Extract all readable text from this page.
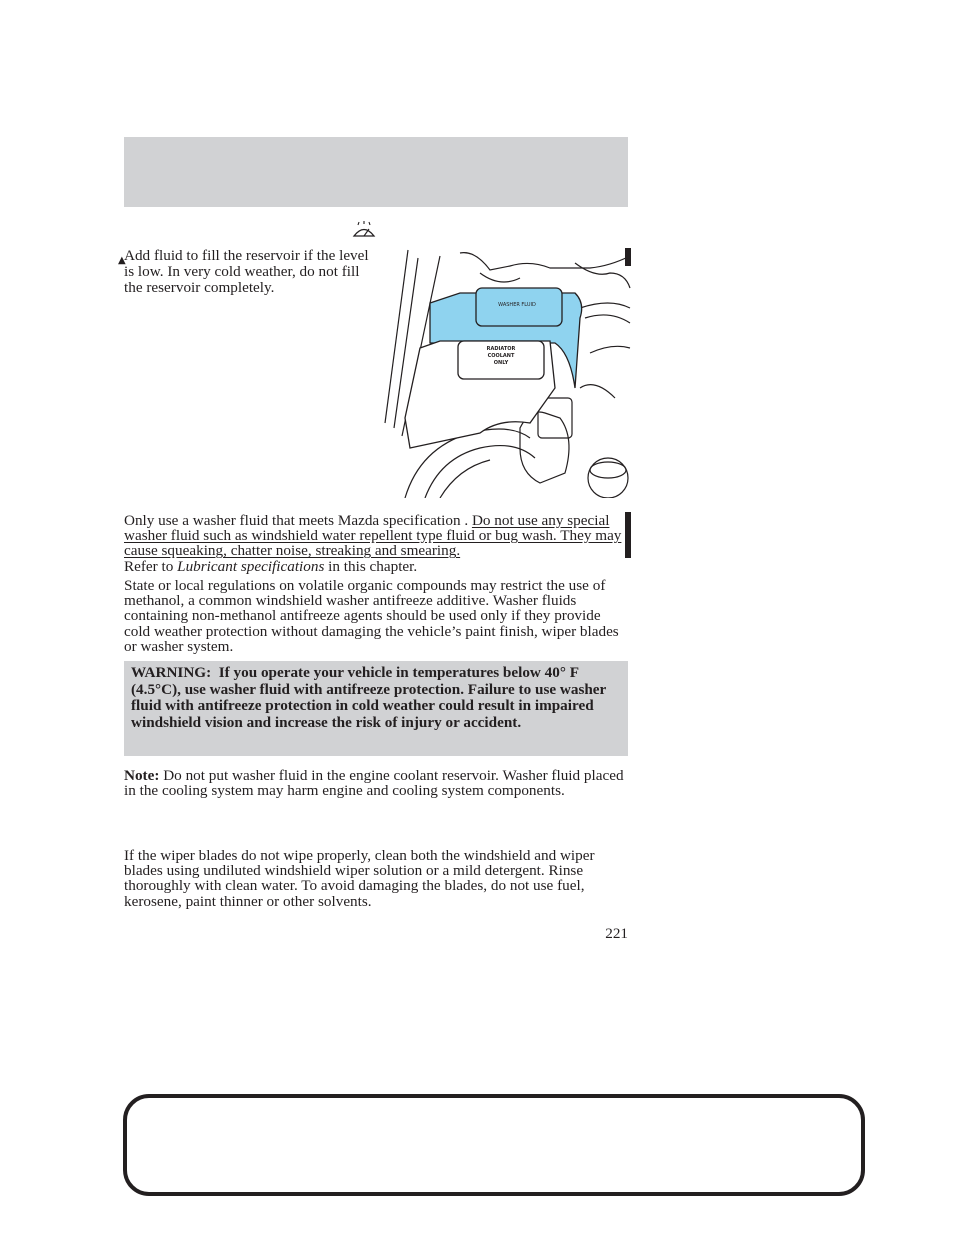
▲

Add fluid to fill the reservoir if the level is low. In very cold weather, do not fill the reservoir completely.

WASHER FLUID
RADIATOR
COOLANT
ONLY

Only use a washer fluid that meets Mazda specification . Do not use any special washer fluid such as windshield water repellent type fluid or bug wash. They may cause squeaking, chatter noise, streaking and smearing.
Refer to Lubricant specifications in this chapter.

State or local regulations on volatile organic compounds may restrict the use of methanol, a common windshield washer antifreeze additive. Washer fluids containing non-methanol antifreeze agents should be used only if they provide cold weather protection without damaging the vehicle’s paint finish, wiper blades or washer system.

WARNING: If you operate your vehicle in temperatures below 40° F (4.5°C), use washer fluid with antifreeze protection. Failure to use washer fluid with antifreeze protection in cold weather could result in impaired windshield vision and increase the risk of injury or accident.

Note: Do not put washer fluid in the engine coolant reservoir. Washer fluid placed in the cooling system may harm engine and cooling system components.

If the wiper blades do not wipe properly, clean both the windshield and wiper blades using undiluted windshield wiper solution or a mild detergent. Rinse thoroughly with clean water. To avoid damaging the blades, do not use fuel, kerosene, paint thinner or other solvents.

221
